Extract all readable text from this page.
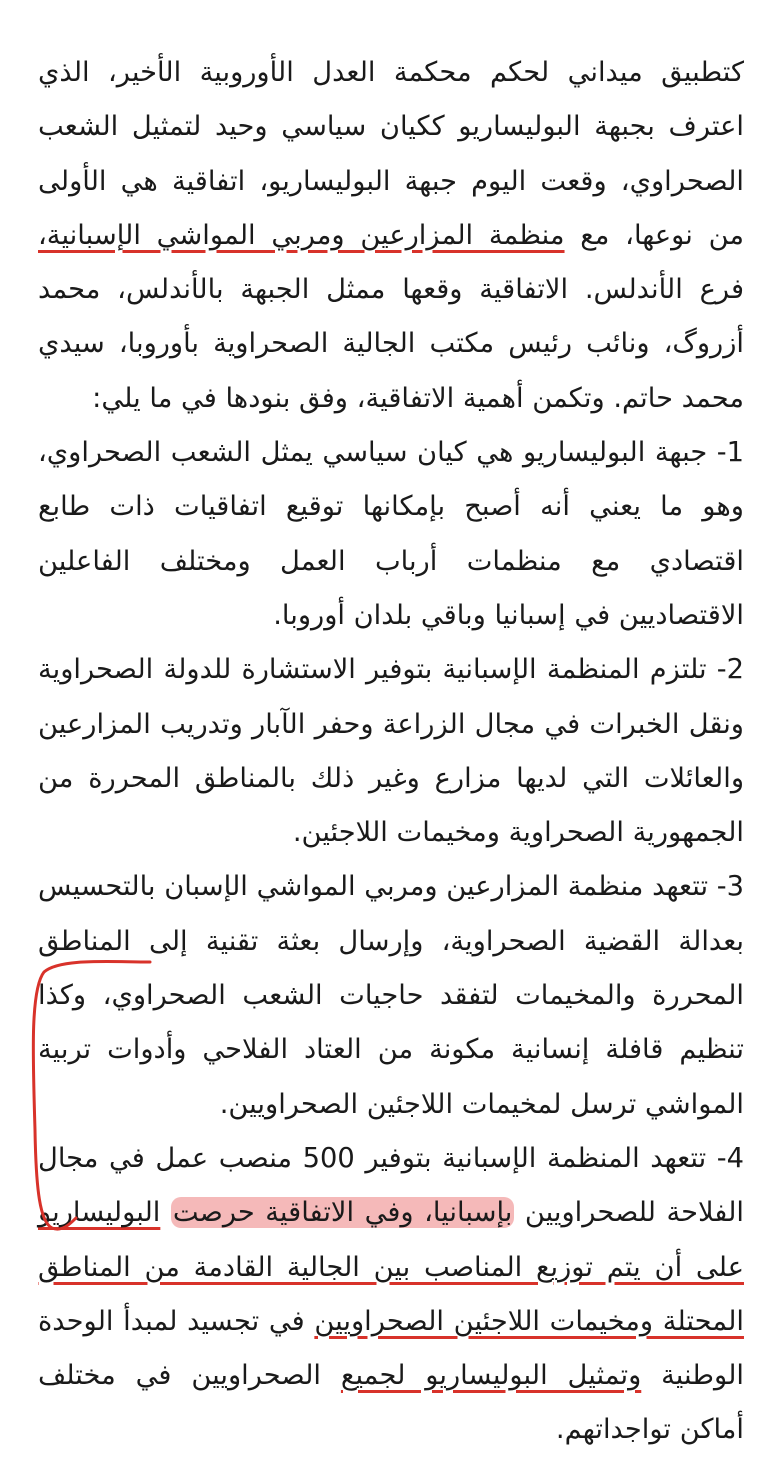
كتطبيق ميداني لحكم محكمة العدل الأوروبية الأخير، الذي اعترف بجبهة البوليساريو ككيان سياسي وحيد لتمثيل الشعب الصحراوي، وقعت اليوم جبهة البوليساريو، اتفاقية هي الأولى من نوعها، مع منظمة المزارعين ومربي المواشي الإسبانية، فرع الأندلس. الاتفاقية وقعها ممثل الجبهة بالأندلس، محمد أزروگ، ونائب رئيس مكتب الجالية الصحراوية بأوروبا، سيدي محمد حاتم. وتكمن أهمية الاتفاقية، وفق بنودها في ما يلي:

1- جبهة البوليساريو هي كيان سياسي يمثل الشعب الصحراوي، وهو ما يعني أنه أصبح بإمكانها توقيع اتفاقيات ذات طابع اقتصادي مع منظمات أرباب العمل ومختلف الفاعلين الاقتصاديين في إسبانيا وباقي بلدان أوروبا.

2- تلتزم المنظمة الإسبانية بتوفير الاستشارة للدولة الصحراوية ونقل الخبرات في مجال الزراعة وحفر الآبار وتدريب المزارعين والعائلات التي لديها مزارع وغير ذلك بالمناطق المحررة من الجمهورية الصحراوية ومخيمات اللاجئين.

3- تتعهد منظمة المزارعين ومربي المواشي الإسبان بالتحسيس بعدالة القضية الصحراوية، وإرسال بعثة تقنية إلى المناطق المحررة والمخيمات لتفقد حاجيات الشعب الصحراوي، وكذا تنظيم قافلة إنسانية مكونة من العتاد الفلاحي وأدوات تربية المواشي ترسل لمخيمات اللاجئين الصحراويين.

4- تتعهد المنظمة الإسبانية بتوفير 500 منصب عمل في مجال الفلاحة للصحراويين بإسبانيا، وفي الاتفاقية حرصت البوليساريو على أن يتم توزيع المناصب بين الجالية القادمة من المناطق المحتلة ومخيمات اللاجئين الصحراويين في تجسيد لمبدأ الوحدة الوطنية وتمثيل البوليساريو لجميع الصحراويين في مختلف أماكن تواجداتهم.
